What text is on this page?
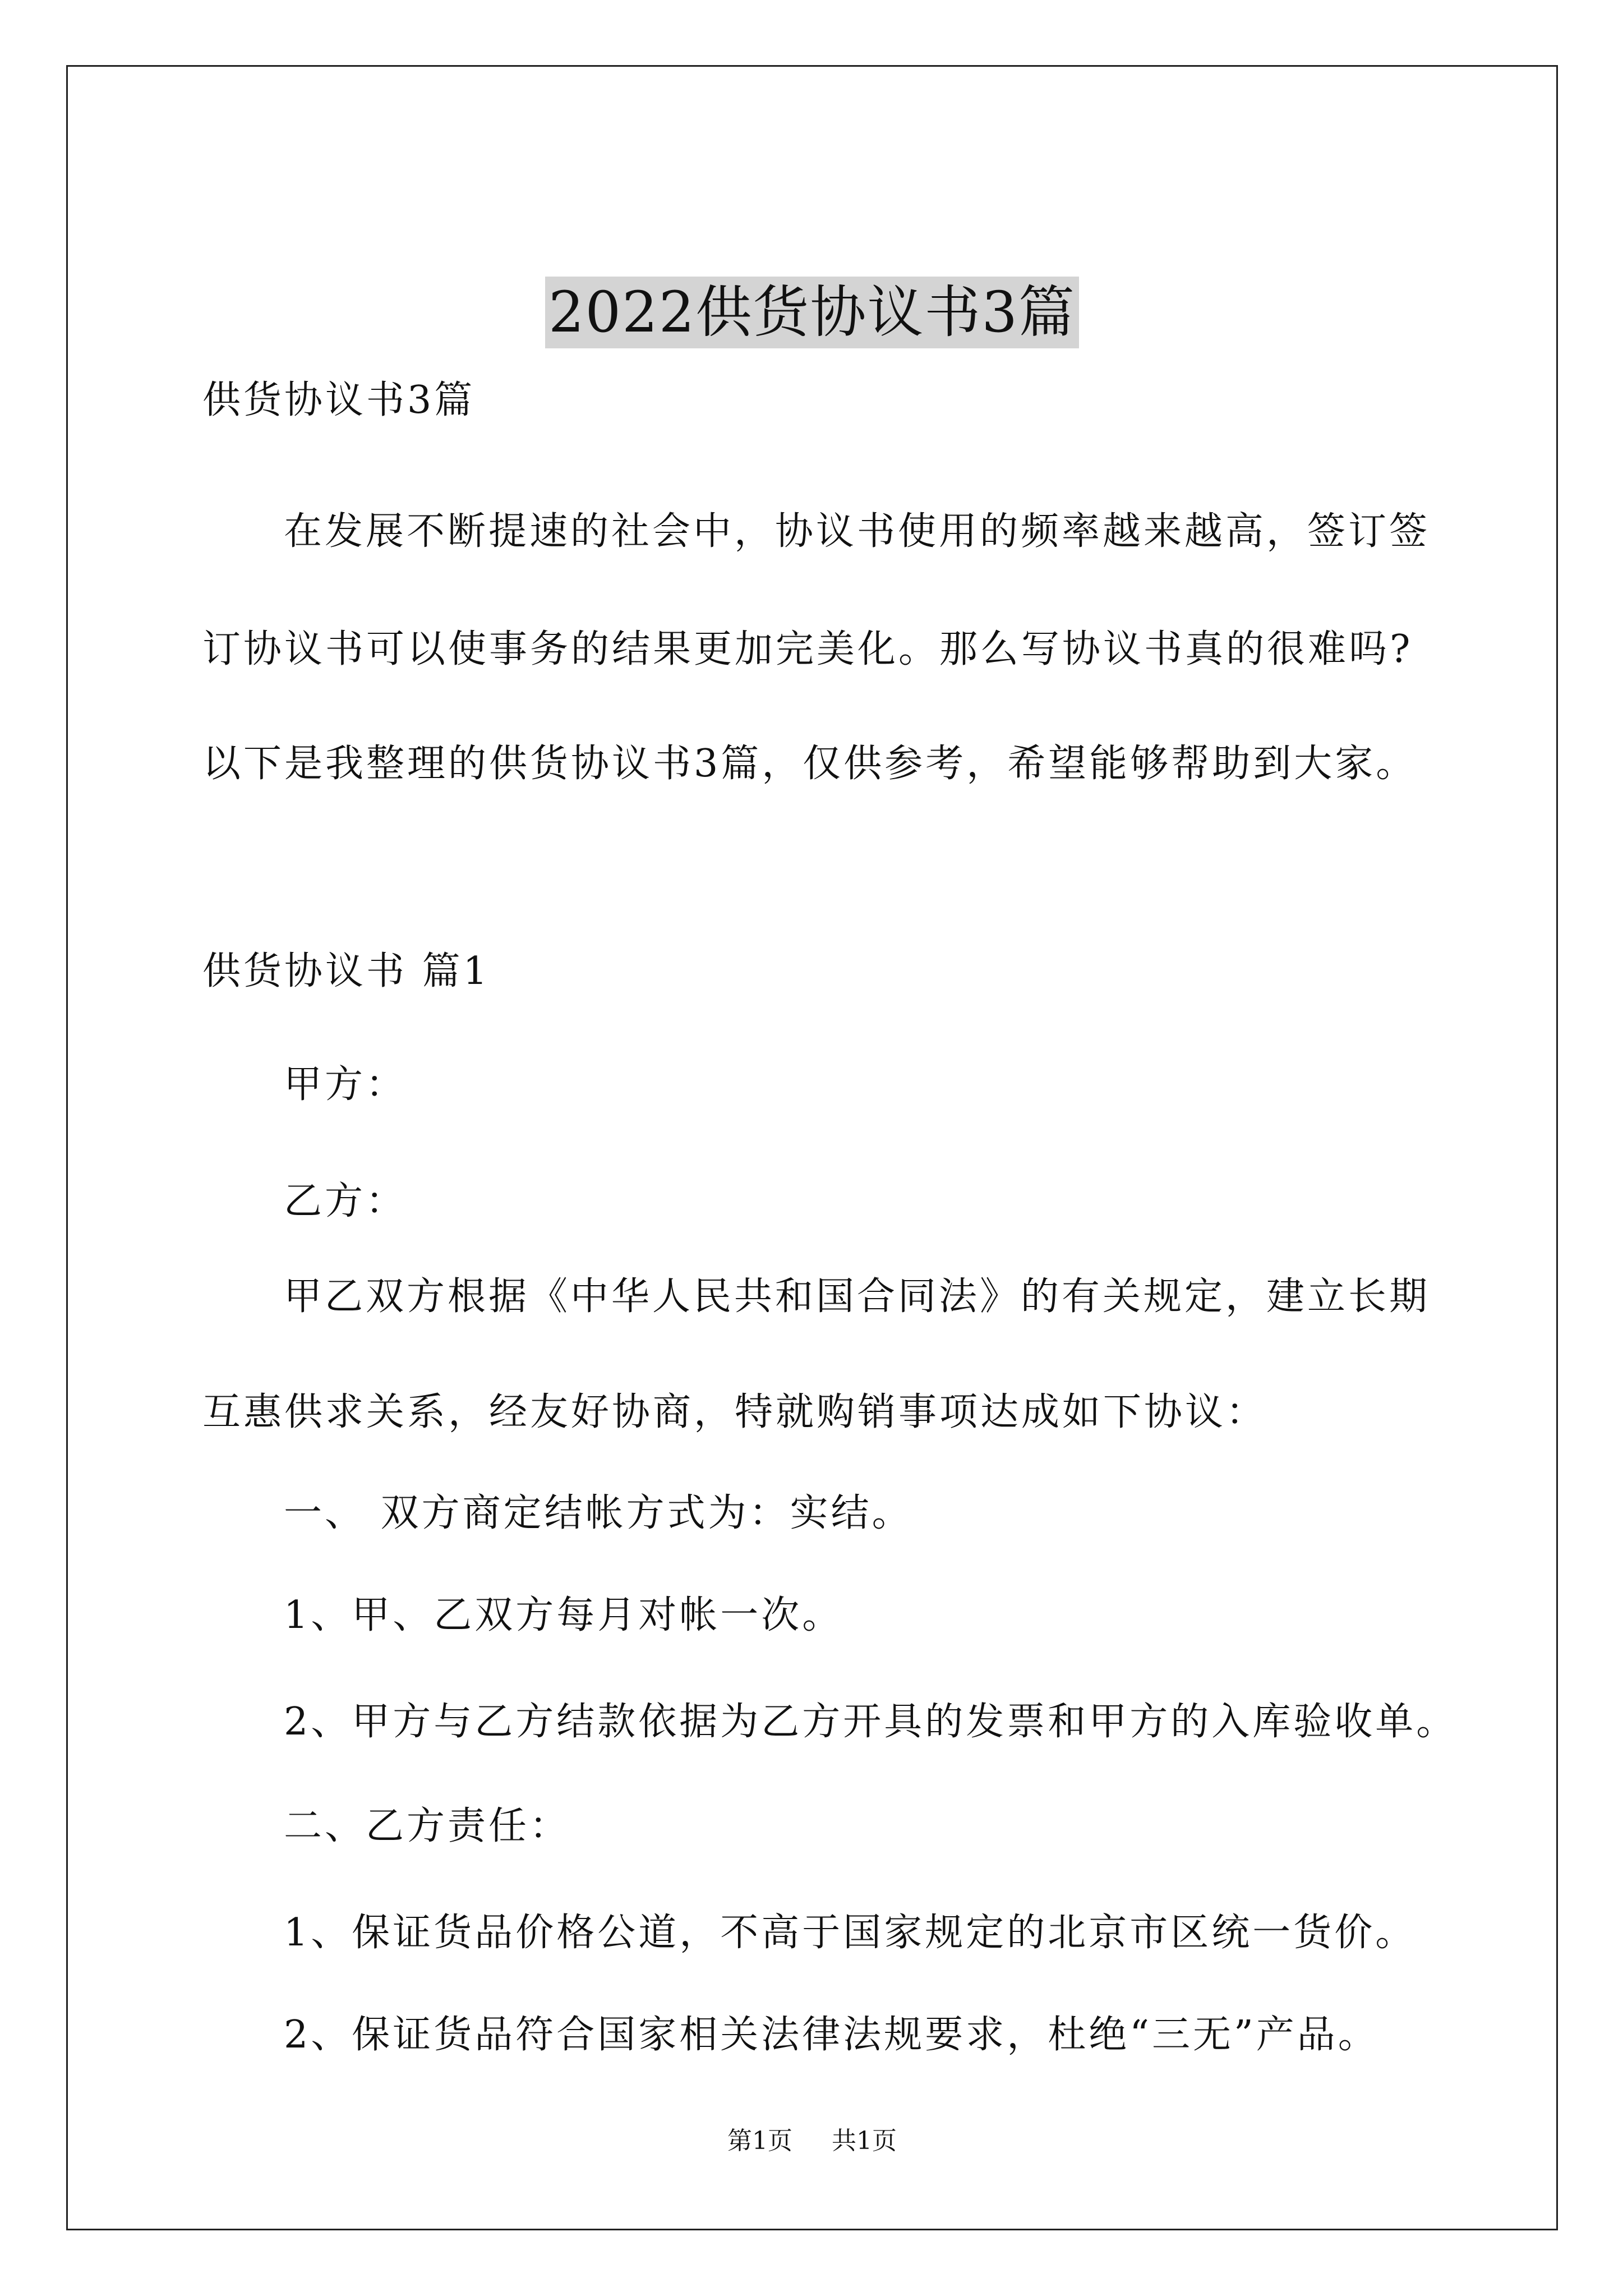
2022供货协议书3篇
供货协议书3篇
在发展不断提速的社会中，协议书使用的频率越来越高，签订签
订协议书可以使事务的结果更加完美化。那么写协议书真的很难吗?
以下是我整理的供货协议书3篇，仅供参考，希望能够帮助到大家。
供货协议书 篇1
甲方：
乙方：
甲乙双方根据《中华人民共和国合同法》的有关规定，建立长期
互惠供求关系，经友好协商，特就购销事项达成如下协议：
一、 双方商定结帐方式为：实结。
1、甲、乙双方每月对帐一次。
2、甲方与乙方结款依据为乙方开具的发票和甲方的入库验收单。
二、乙方责任：
1、保证货品价格公道，不高于国家规定的北京市区统一货价。
2、保证货品符合国家相关法律法规要求，杜绝“三无”产品。
第1页 共1页
